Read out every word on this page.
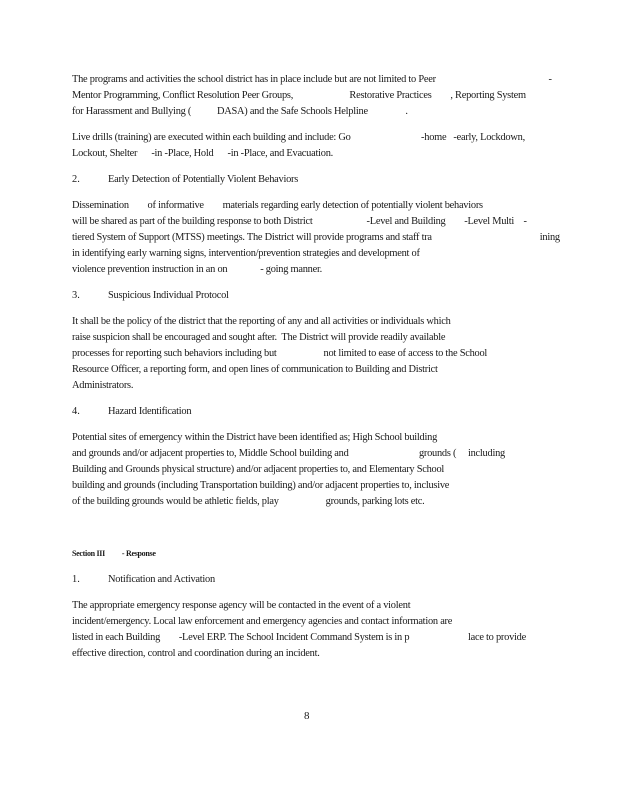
The programs and activities the school district has in place include but are not limited to Peer                                                -
Mentor Programming, Conflict Resolution Peer Groups,                        Restorative Practices        , Reporting System
for Harassment and Bullying (           DASA) and the Safe Schools Helpline                .
Live drills (training) are executed within each building and include: Go                              -home   -early, Lockdown,
Lockout, Shelter      -in -Place, Hold      -in -Place, and Evacuation.
2.	Early Detection of Potentially Violent Behaviors
Dissemination        of informative        materials regarding early detection of potentially violent behaviors
will be shared as part of the building response to both District                       -Level and Building        -Level Multi    -
tiered System of Support (MTSS) meetings. The District will provide programs and staff tra                                              ining
in identifying early warning signs, intervention/prevention strategies and development of
violence prevention instruction in an on              - going manner.
3.	Suspicious Individual Protocol
It shall be the policy of the district that the reporting of any and all activities or individuals which
raise suspicion shall be encouraged and sought after.  The District will provide readily available
processes for reporting such behaviors including but                    not limited to ease of access to the School
Resource Officer, a reporting form, and open lines of communication to Building and District
Administrators.
4.	Hazard Identification
Potential sites of emergency within the District have been identified as; High School building
and grounds and/or adjacent properties to, Middle School building and                              grounds (     including
Building and Grounds physical structure) and/or adjacent properties to, and Elementary School
building and grounds (including Transportation building) and/or adjacent properties to, inclusive
of the building grounds would be athletic fields, play                    grounds, parking lots etc.
Section III          - Response
1.	Notification and Activation
The appropriate emergency response agency will be contacted in the event of a violent
incident/emergency. Local law enforcement and emergency agencies and contact information are
listed in each Building        -Level ERP. The School Incident Command System is in p                         lace to provide
effective direction, control and coordination during an incident.
8
